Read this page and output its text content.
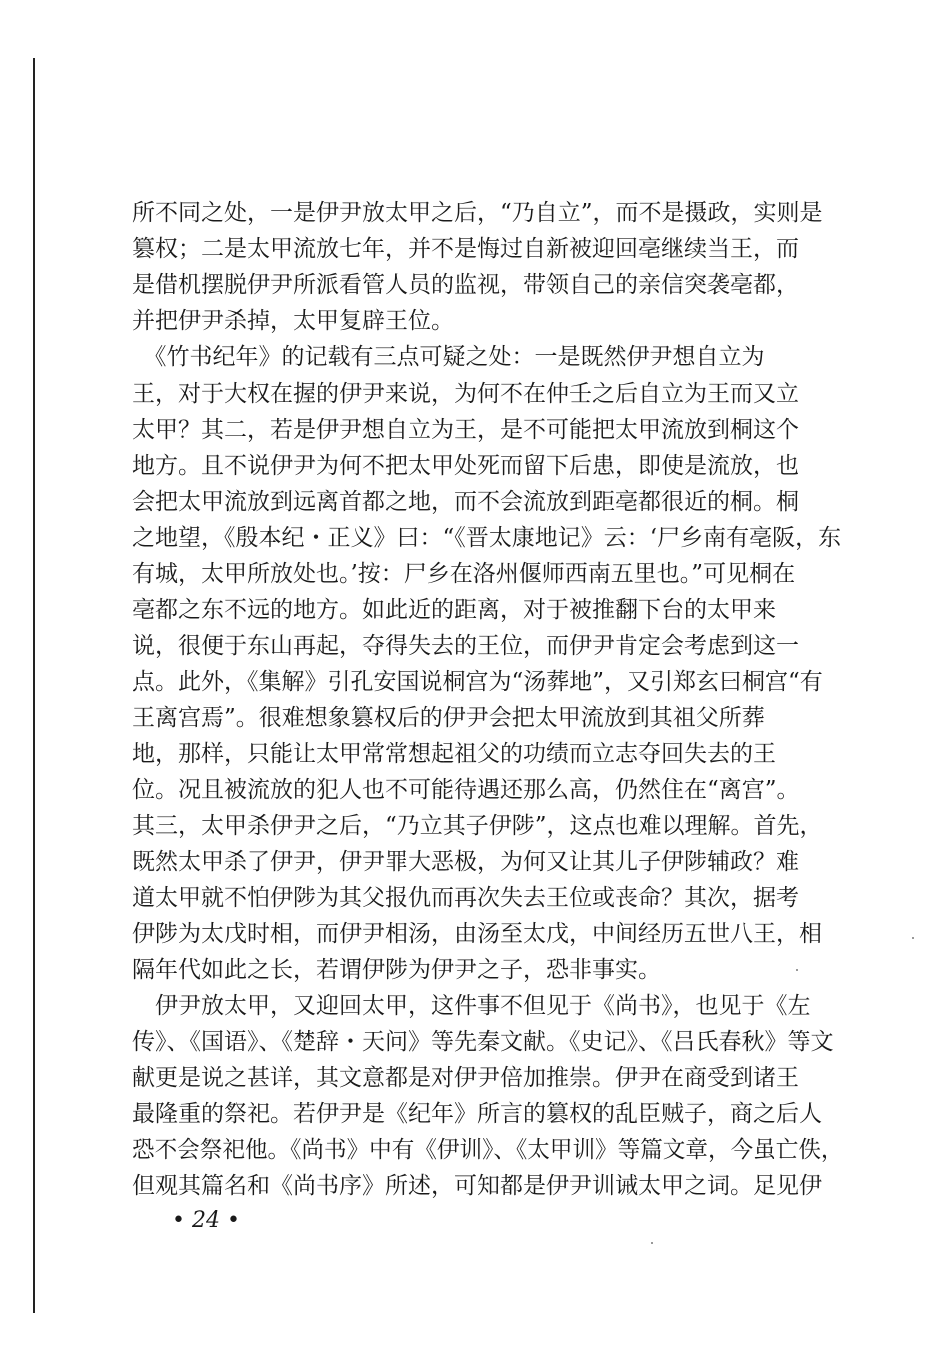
所不同之处，一是伊尹放太甲之后，“乃自立”，而不是摄政，实则是
篡权；二是太甲流放七年，并不是悔过自新被迎回亳继续当王，而
是借机摆脱伊尹所派看管人员的监视，带领自己的亲信突袭亳都，
并把伊尹杀掉，太甲复辟王位。
　《竹书纪年》的记载有三点可疑之处：一是既然伊尹想自立为
王，对于大权在握的伊尹来说，为何不在仲壬之后自立为王而又立
太甲？其二，若是伊尹想自立为王，是不可能把太甲流放到桐这个
地方。且不说伊尹为何不把太甲处死而留下后患，即使是流放，也
会把太甲流放到远离首都之地，而不会流放到距亳都很近的桐。桐
之地望，《殷本纪・正义》曰：“《晋太康地记》云：‘尸乡南有亳阪，东
有城，太甲所放处也。’按：尸乡在洛州偃师西南五里也。”可见桐在
亳都之东不远的地方。如此近的距离，对于被推翻下台的太甲来
说，很便于东山再起，夺得失去的王位，而伊尹肯定会考虑到这一
点。此外，《集解》引孔安国说桐宫为“汤葬地”，又引郑玄曰桐宫“有
王离宫焉”。很难想象篡权后的伊尹会把太甲流放到其祖父所葬
地，那样，只能让太甲常常想起祖父的功绩而立志夺回失去的王
位。况且被流放的犯人也不可能待遇还那么高，仍然住在“离宫”。
其三，太甲杀伊尹之后，“乃立其子伊陟”，这点也难以理解。首先，
既然太甲杀了伊尹，伊尹罪大恶极，为何又让其儿子伊陟辅政？难
道太甲就不怕伊陟为其父报仇而再次失去王位或丧命？其次，据考
伊陟为太戊时相，而伊尹相汤，由汤至太戊，中间经历五世八王，相
隔年代如此之长，若谓伊陟为伊尹之子，恐非事实。
　伊尹放太甲，又迎回太甲，这件事不但见于《尚书》，也见于《左
传》、《国语》、《楚辞・天问》等先秦文献。《史记》、《吕氏春秋》等文
献更是说之甚详，其文意都是对伊尹倍加推崇。伊尹在商受到诸王
最隆重的祭祀。若伊尹是《纪年》所言的篡权的乱臣贼子，商之后人
恐不会祭祀他。《尚书》中有《伊训》、《太甲训》等篇文章，今虽亡佚，
但观其篇名和《尚书序》所述，可知都是伊尹训诫太甲之词。足见伊
• 24 •
